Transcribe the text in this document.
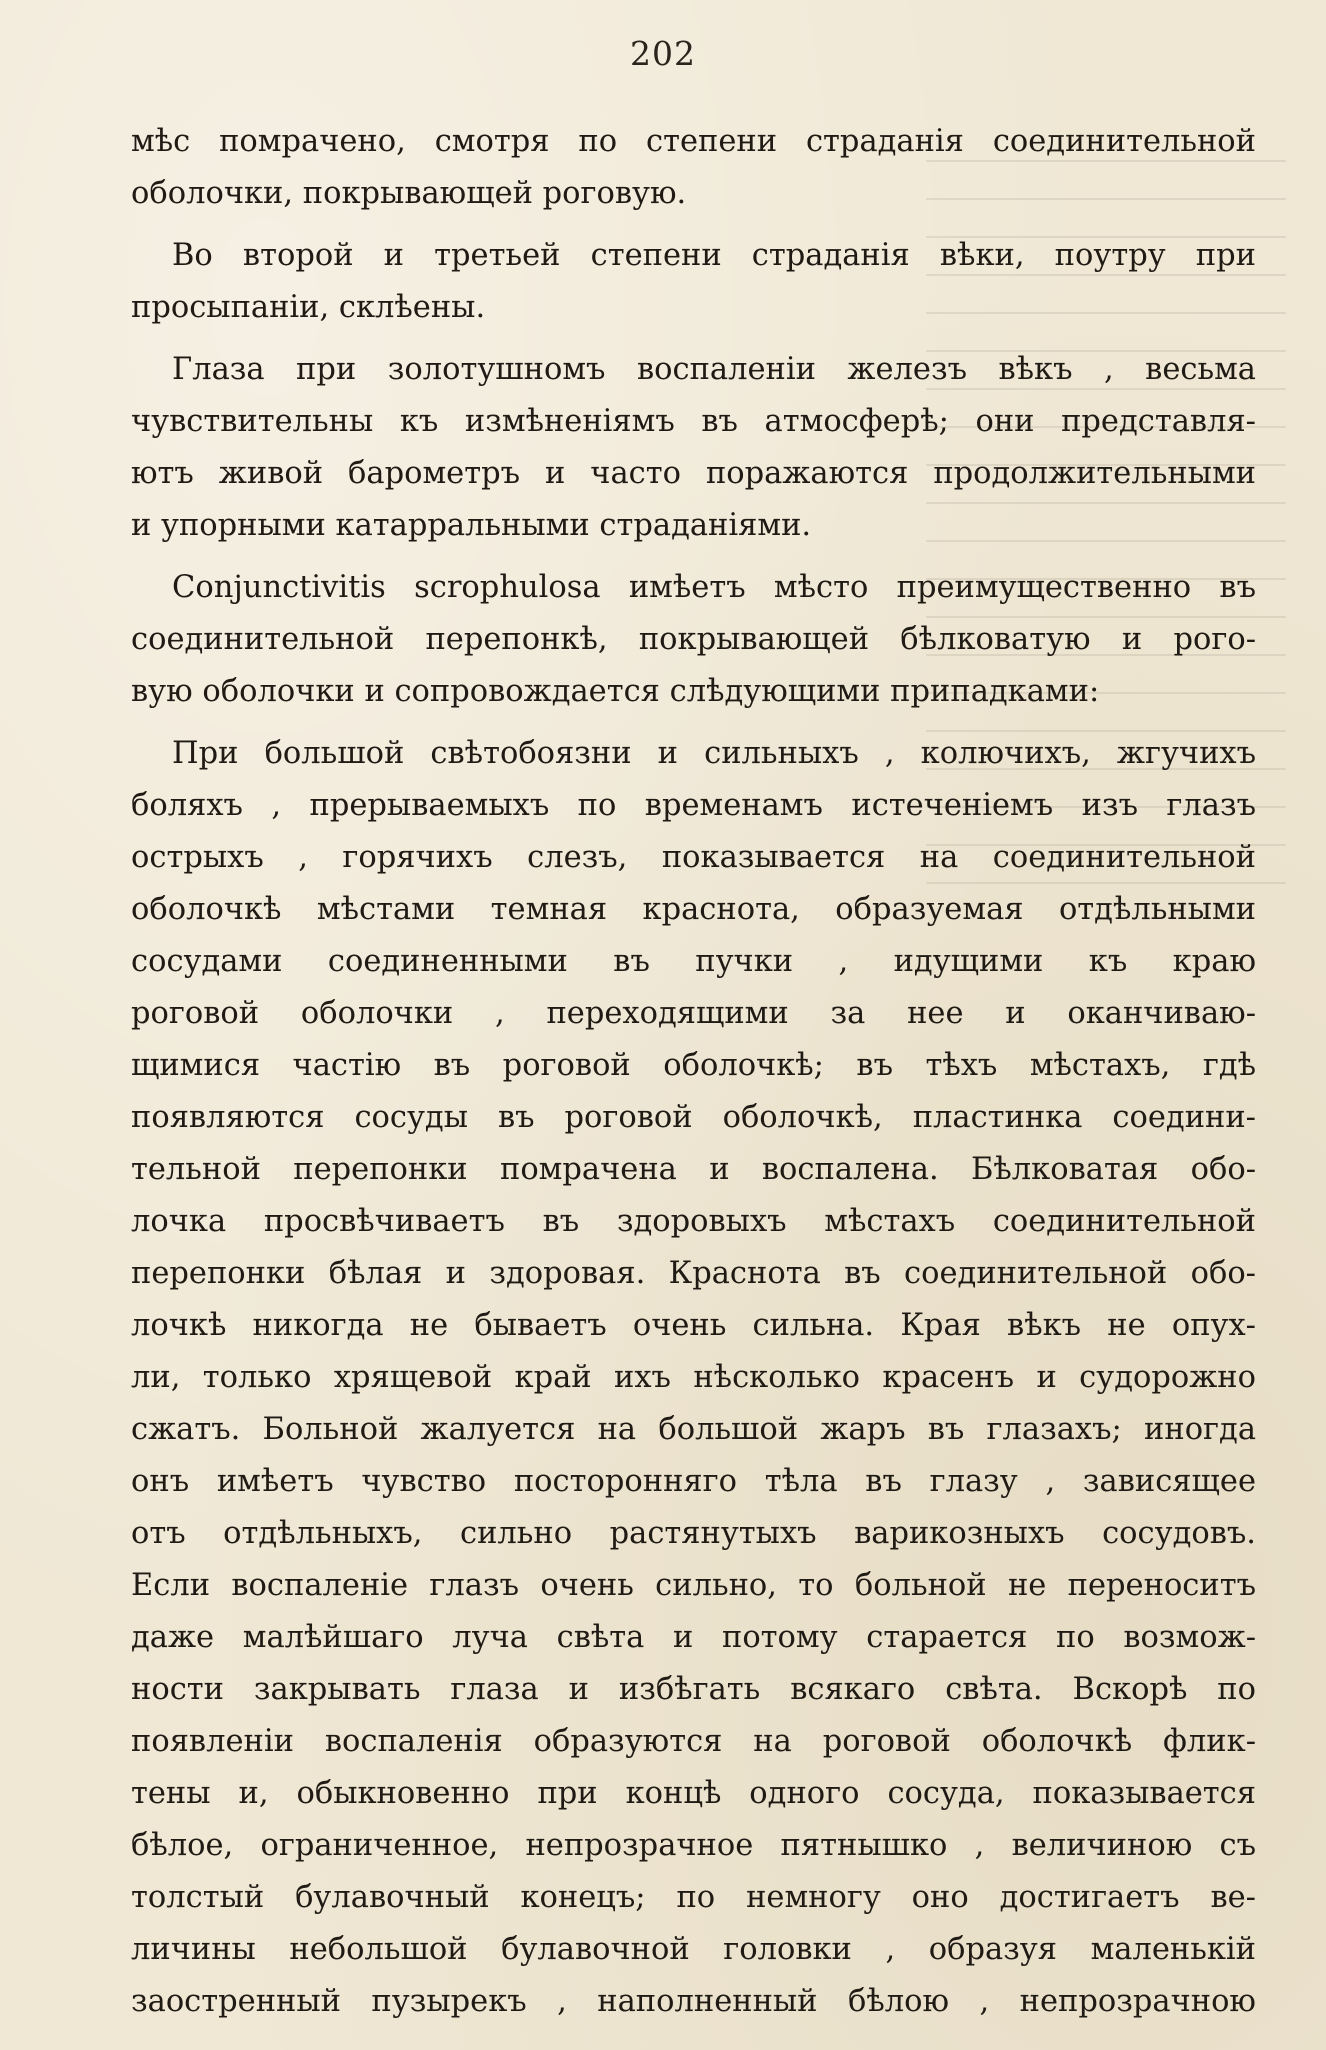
202
мѣс помрачено, смотря по степени страданія соединительной
оболочки, покрывающей роговую.
Во второй и третьей степени страданія вѣки, поутру при
просыпаніи, склѣены.
Глаза при золотушномъ воспаленіи железъ вѣкъ , весьма
чувствительны къ измѣненіямъ въ атмосферѣ; они представля-
ютъ живой барометръ и часто поражаются продолжительными
и упорными катарральными страданіями.
Conjunctivitis scrophulosa имѣетъ мѣсто преимущественно въ
соединительной перепонкѣ, покрывающей бѣлковатую и рого-
вую оболочки и сопровождается слѣдующими припадками:
При большой свѣтобоязни и сильныхъ , колючихъ, жгучихъ
боляхъ , прерываемыхъ по временамъ истеченіемъ изъ глазъ
острыхъ , горячихъ слезъ, показывается на соединительной
оболочкѣ мѣстами темная краснота, образуемая отдѣльными
сосудами соединенными въ пучки , идущими къ краю
роговой оболочки , переходящими за нее и оканчиваю-
щимися частію въ роговой оболочкѣ; въ тѣхъ мѣстахъ, гдѣ
появляются сосуды въ роговой оболочкѣ, пластинка соедини-
тельной перепонки помрачена и воспалена. Бѣлковатая обо-
лочка просвѣчиваетъ въ здоровыхъ мѣстахъ соединительной
перепонки бѣлая и здоровая. Краснота въ соединительной обо-
лочкѣ никогда не бываетъ очень сильна. Края вѣкъ не опух-
ли, только хрящевой край ихъ нѣсколько красенъ и судорожно
сжатъ. Больной жалуется на большой жаръ въ глазахъ; иногда
онъ имѣетъ чувство посторонняго тѣла въ глазу , зависящее
отъ отдѣльныхъ, сильно растянутыхъ варикозныхъ сосудовъ.
Если воспаленіе глазъ очень сильно, то больной не переноситъ
даже малѣйшаго луча свѣта и потому старается по возмож-
ности закрывать глаза и избѣгать всякаго свѣта. Вскорѣ по
появленіи воспаленія образуются на роговой оболочкѣ флик-
тены и, обыкновенно при концѣ одного сосуда, показывается
бѣлое, ограниченное, непрозрачное пятнышко , величиною съ
толстый булавочный конецъ; по немногу оно достигаетъ ве-
личины небольшой булавочной головки , образуя маленькій
заостренный пузырекъ , наполненный бѣлою , непрозрачною
